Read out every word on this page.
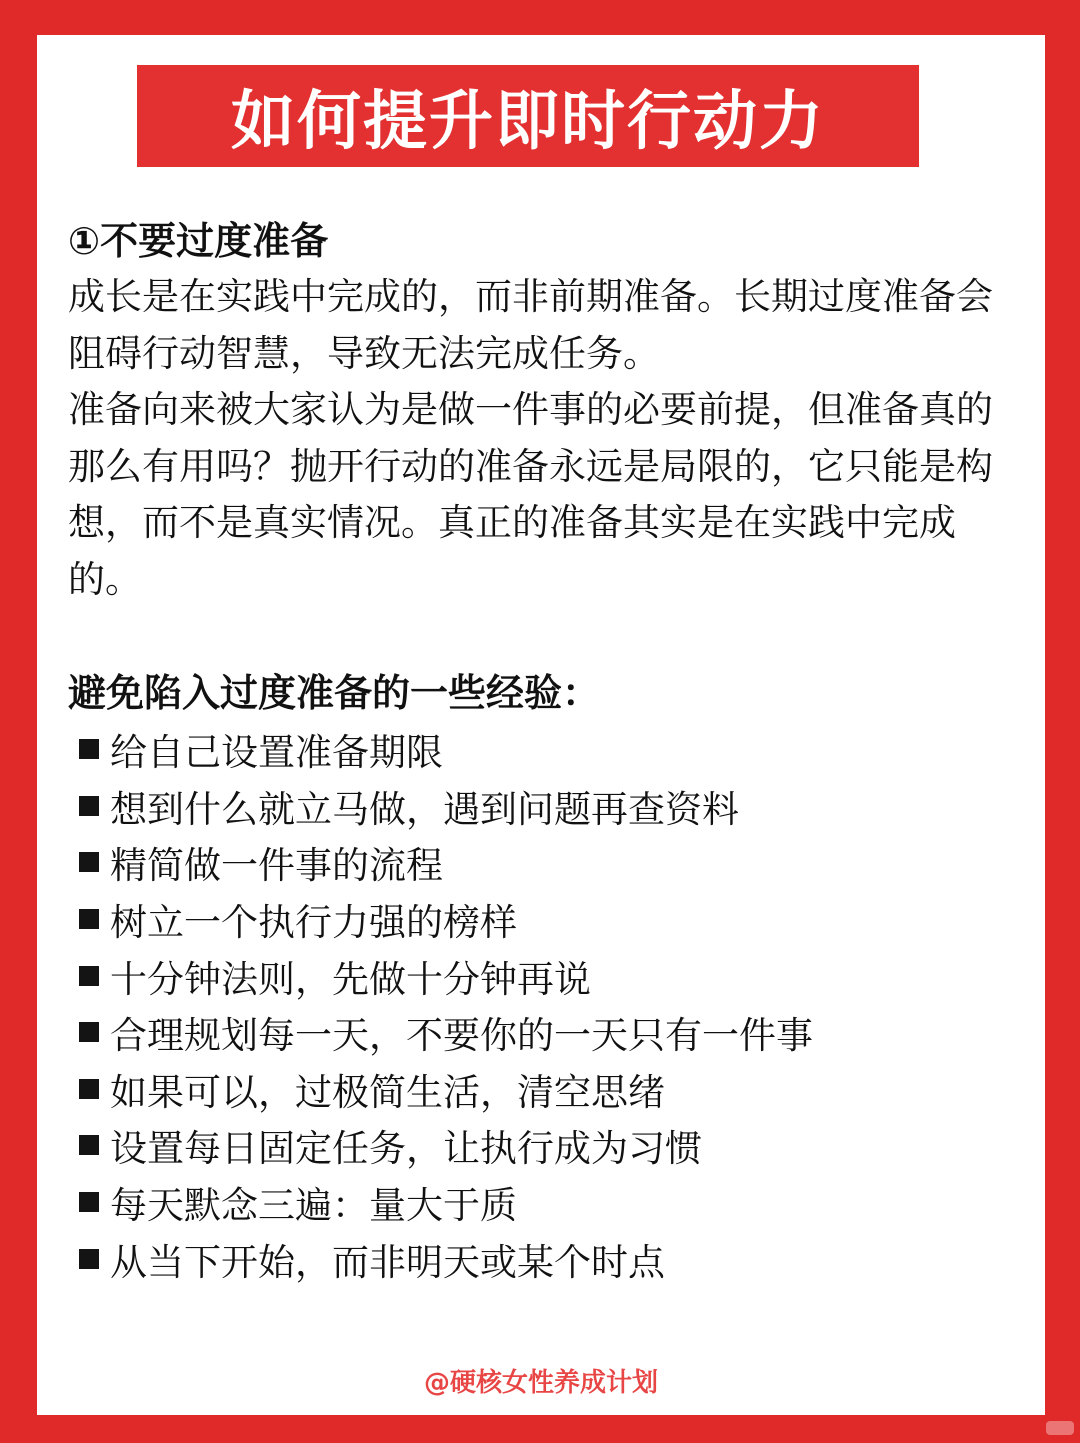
如何提升即时行动力
①不要过度准备

成长是在实践中完成的，而非前期准备。长期过度准备会阻碍行动智慧，导致无法完成任务。

准备向来被大家认为是做一件事的必要前提，但准备真的那么有用吗？抛开行动的准备永远是局限的，它只能是构想，而不是真实情况。真正的准备其实是在实践中完成的。

避免陷入过度准备的一些经验：
给自己设置准备期限
想到什么就立马做，遇到问题再查资料
精简做一件事的流程
树立一个执行力强的榜样
十分钟法则，先做十分钟再说
合理规划每一天，不要你的一天只有一件事
如果可以，过极简生活，清空思绪
设置每日固定任务，让执行成为习惯
每天默念三遍：量大于质
从当下开始，而非明天或某个时点
@硬核女性养成计划
